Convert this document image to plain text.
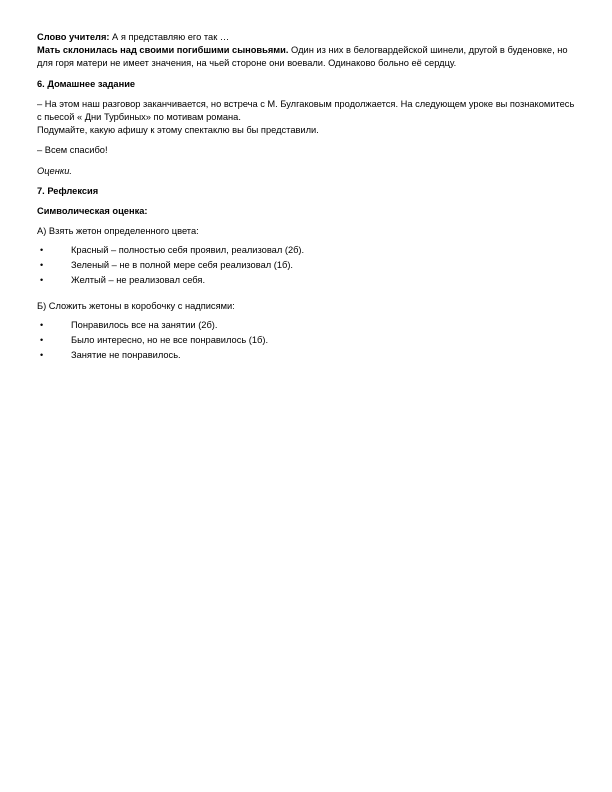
Слово учителя: А я представляю его так …

Мать склонилась над своими погибшими сыновьями. Один из них в белогвардейской шинели, другой в буденовке, но для горя матери не имеет значения, на чьей стороне они воевали. Одинаково больно её сердцу.

6. Домашнее задание

– На этом наш разговор заканчивается, но встреча с М. Булгаковым продолжается. На следующем уроке вы познакомитесь с пьесой « Дни Турбиных» по мотивам романа.

Подумайте, какую афишу к этому спектаклю вы бы представили.

– Всем спасибо!

Оценки.

7. Рефлексия

Символическая оценка:

А) Взять жетон определенного цвета:

•	Красный – полностью себя проявил, реализовал (2б).
•	Зеленый – не в полной мере себя реализовал (1б).
•	Желтый – не реализовал себя.

Б) Сложить жетоны в коробочку с надписями:

•	Понравилось все на занятии (2б).
•	Было интересно, но не все понравилось (1б).
•	Занятие не понравилось.
